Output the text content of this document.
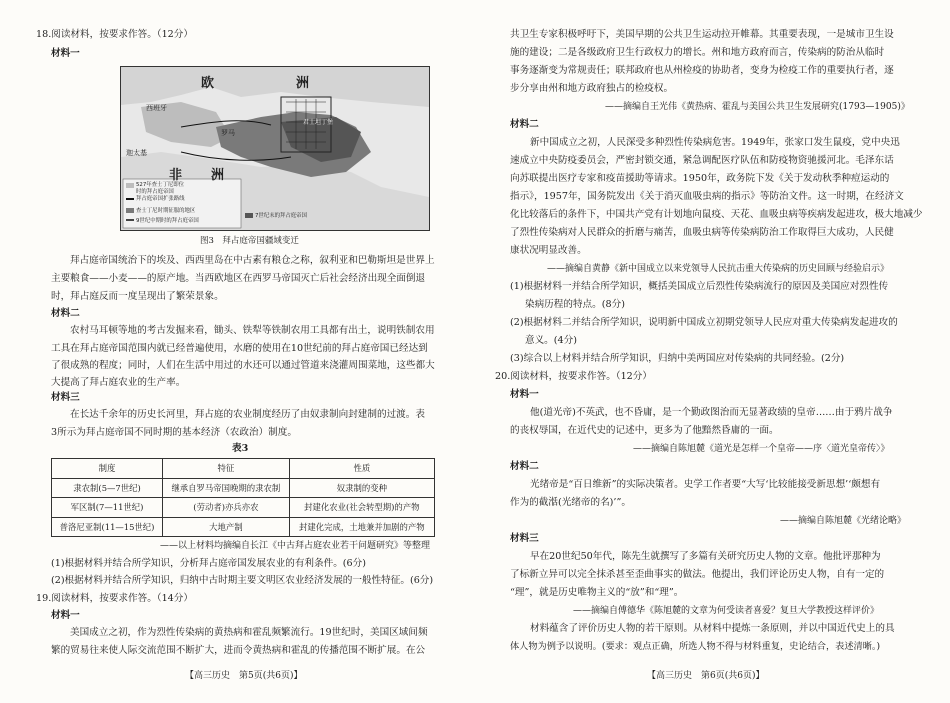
18.阅读材料，按要求作答。（12分）
材料一
欧	洲
非 洲
西班牙
迦太基
罗马
君士坦丁堡
527年查士丁尼即位
时的拜占庭帝国
拜占庭帝国扩张路线
查士丁尼时期征服的地区
9世纪中期时的拜占庭帝国
7世纪末的拜占庭帝国
图3　拜占庭帝国疆域变迁
拜占庭帝国统治下的埃及、西西里岛在中古素有粮仓之称，叙利亚和巴勒斯坦是世界上
主要粮食——小麦——的原产地。当西欧地区在西罗马帝国灭亡后社会经济出现全面倒退
时，拜占庭反而一度呈现出了繁荣景象。
材料二
农村马耳顿等地的考古发掘来看，锄头、铁犁等铁制农用工具都有出土，说明铁制农用
工具在拜占庭帝国范围内就已经普遍使用，水磨的使用在10世纪前的拜占庭帝国已经达到
了很成熟的程度；同时，人们在生活中用过的水还可以通过管道来浇灌周围菜地，这些都大
大提高了拜占庭农业的生产率。
材料三
在长达千余年的历史长河里，拜占庭的农业制度经历了由奴隶制向封建制的过渡。表
3所示为拜占庭帝国不同时期的基本经济（农政治）制度。
表3
制度	特征	性质
隶农制(5—7世纪)	继承自罗马帝国晚期的隶农制	奴隶制的变种
军区制(7—11世纪)	(劳动者)亦兵亦农	封建化农业(社会转型期)的产物
普洛尼亚制(11—15世纪)	大地产制	封建化完成，土地兼并加剧的产物
——以上材料均摘编自长江《中古拜占庭农业若干问题研究》等整理
(1)根据材料并结合所学知识，分析拜占庭帝国发展农业的有利条件。(6分)
(2)根据材料并结合所学知识，归纳中古时期主要文明区农业经济发展的一般性特征。(6分)
19.阅读材料，按要求作答。（14分）
材料一
美国成立之初，作为烈性传染病的黄热病和霍乱频繁流行。19世纪时，美国区域间频
繁的贸易往来使人际交流范围不断扩大，进而令黄热病和霍乱的传播范围不断扩展。在公
【高三历史　第5页(共6页)】
共卫生专家积极呼吁下，美国早期的公共卫生运动拉开帷幕。其重要表现，一是城市卫生设
施的建设；二是各级政府卫生行政权力的增长。州和地方政府而言，传染病的防治从临时
事务逐渐变为常规责任；联邦政府也从州检疫的协助者，变身为检疫工作的重要执行者，逐
步分享由州和地方政府独占的检疫权。
——摘编自王光伟《黄热病、霍乱与美国公共卫生发展研究(1793—1905)》
材料二
新中国成立之初，人民深受多种烈性传染病危害。1949年，张家口发生鼠疫，党中央迅
速成立中央防疫委员会，严密封锁交通，紧急调配医疗队伍和防疫物资驰援河北。毛泽东话
向苏联提出医疗专家和疫苗援助等请求。1950年，政务院下发《关于发动秋季种痘运动的
指示》，1957年，国务院发出《关于消灭血吸虫病的指示》等防治文件。这一时期，在经济文
化比较落后的条件下，中国共产党有计划地向鼠疫、天花、血吸虫病等疾病发起进攻，极大地减少
了烈性传染病对人民群众的折磨与痛苦，血吸虫病等传染病防治工作取得巨大成功，人民健
康状况明显改善。
——摘编自黄静《新中国成立以来党领导人民抗击重大传染病的历史回顾与经验启示》
(1)根据材料一并结合所学知识，概括美国成立后烈性传染病流行的原因及美国应对烈性传
染病历程的特点。(8分)
(2)根据材料二并结合所学知识，说明新中国成立初期党领导人民应对重大传染病发起进攻的
意义。(4分)
(3)综合以上材料并结合所学知识，归纳中美两国应对传染病的共同经验。(2分)
20.阅读材料，按要求作答。（12分）
材料一
他(道光帝)不英武，也不昏庸，是一个勤政图治而无显著政绩的皇帝……由于鸦片战争
的丧权辱国，在近代史的记述中，更多为了他黯然昏庸的一面。
——摘编自陈旭麓《道光是怎样一个皇帝——序〈道光皇帝传〉》
材料二
光绪帝是“百日维新”的实际决策者。史学工作者要“大写‘比较能接受新思想’‘颇想有
作为的截湉(光绪帝的名)’”。
——摘编自陈旭麓《光绪论略》
材料三
早在20世纪50年代，陈先生就撰写了多篇有关研究历史人物的文章。他批评那种为
了标新立异可以完全抹杀甚至歪曲事实的做法。他提出，我们评论历史人物，自有一定的
“理”，就是历史唯物主义的“放”和“理”。
——摘编自傅德华《陈旭麓的文章为何受读者喜爱？复旦大学教授这样评价》
材料蕴含了评价历史人物的若干原则。从材料中提炼一条原则，并以中国近代史上的具
体人物为例予以说明。(要求：观点正确，所选人物不得与材料重复，史论结合，表述清晰。)
【高三历史　第6页(共6页)】
